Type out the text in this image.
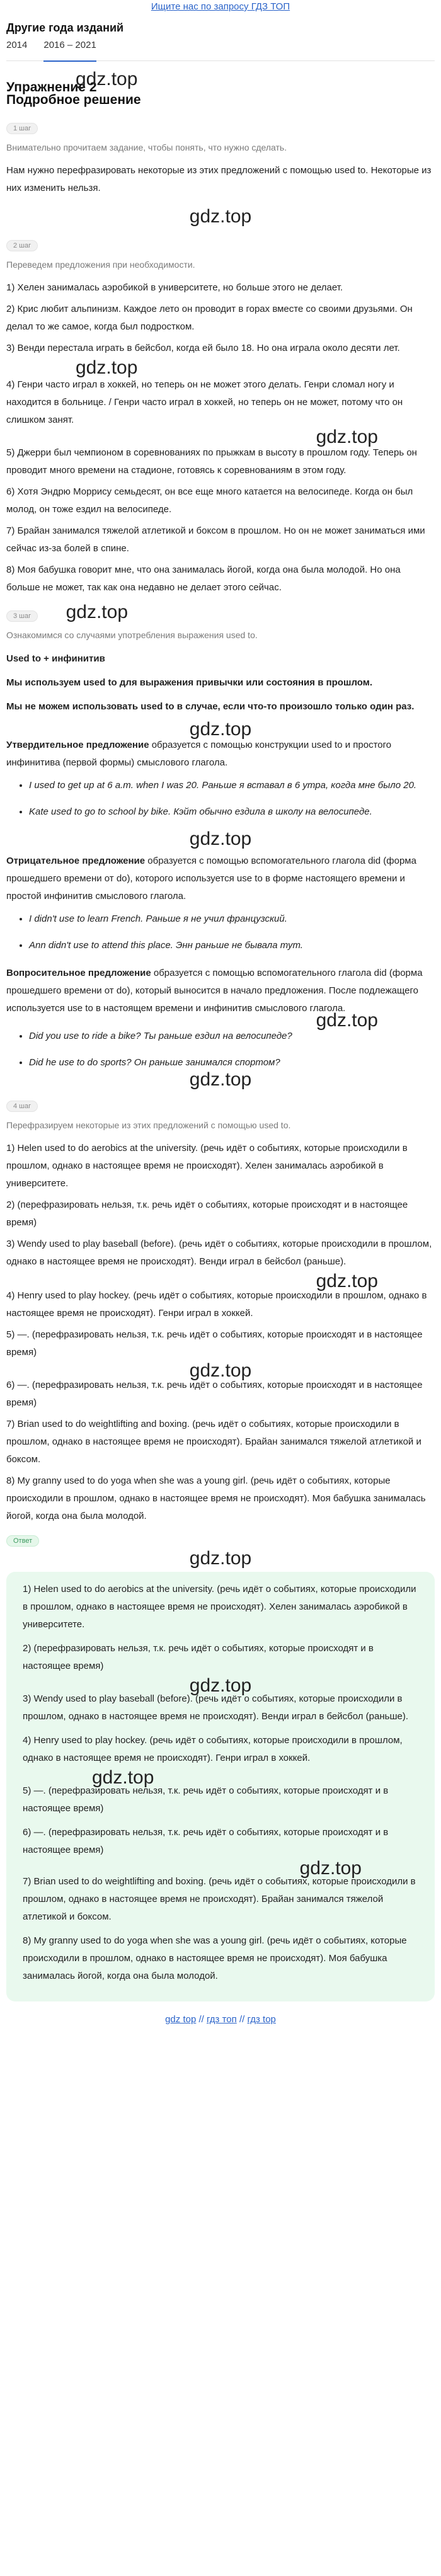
Ищите нас по запросу ГДЗ ТОП
Другие года изданий
2014 2016 – 2021
Упражнение 2
gdz.top
Подробное решение
1 шаг
Внимательно прочитаем задание, чтобы понять, что нужно сделать.

Нам нужно перефразировать некоторые из этих предложений с помощью used to. Некоторые из них изменить нельзя.

gdz.top
2 шаг
Переведем предложения при необходимости.

1) Хелен занималась аэробикой в университете, но больше этого не делает.

2) Крис любит альпинизм. Каждое лето он проводит в горах вместе со своими друзьями. Он делал то же самое, когда был подростком.

3) Венди перестала играть в бейсбол, когда ей было 18. Но она играла около десяти лет.

gdz.top

4) Генри часто играл в хоккей, но теперь он не может этого делать. Генри сломал ногу и находится в больнице. / Генри часто играл в хоккей, но теперь он не может, потому что он слишком занят.

gdz.top

5) Джерри был чемпионом в соревнованиях по прыжкам в высоту в прошлом году. Теперь он проводит много времени на стадионе, готовясь к соревнованиям в этом году.

6) Хотя Эндрю Моррису семьдесят, он все еще много катается на велосипеде. Когда он был молод, он тоже ездил на велосипеде.

7) Брайан занимался тяжелой атлетикой и боксом в прошлом. Но он не может заниматься ими сейчас из-за болей в спине.

8) Моя бабушка говорит мне, что она занималась йогой, когда она была молодой. Но она больше не может, так как она недавно не делает этого сейчас.

3 шаг gdz.top
Ознакомимся со случаями употребления выражения used to.
Used to + инфинитив
Мы используем used to для выражения привычки или состояния в прошлом.
Мы не можем использовать used to в случае, если что-то произошло только один раз.
gdz.top

Утвердительное предложение образуется с помощью конструкции used to и простого инфинитива (первой формы) смыслового глагола.

• I used to get up at 6 a.m. when I was 20. Раньше я вставал в 6 утра, когда мне было 20.
• Kate used to go to school by bike. Кэйт обычно ездила в школу на велосипеде.
gdz.top

Отрицательное предложение образуется с помощью вспомогательного глагола did (форма прошедшего времени от do), которого используется use to в форме настоящего времени и простой инфинитив смыслового глагола.

• I didn't use to learn French. Раньше я не учил французский.
• Ann didn't use to attend this place. Энн раньше не бывала тут.

Вопросительное предложение образуется с помощью вспомогательного глагола did (форма прошедшего времени от do), который выносится в начало предложения. После подлежащего используется use to в настоящем времени и инфинитив смыслового глагола.

gdz.top
• Did you use to ride a bike? Ты раньше ездил на велосипеде?
• Did he use to do sports? Он раньше занимался спортом?
gdz.top
4 шаг
Перефразируем некоторые из этих предложений с помощью used to.

1) Helen used to do aerobics at the university. (речь идёт о событиях, которые происходили в прошлом, однако в настоящее время не происходят). Хелен занималась аэробикой в университете.

2) (перефразировать нельзя, т.к. речь идёт о событиях, которые происходят и в настоящее время)

3) Wendy used to play baseball (before). (речь идёт о событиях, которые происходили в прошлом, однако в настоящее время не происходят). Венди играл в бейсбол (раньше).

gdz.top

4) Henry used to play hockey. (речь идёт о событиях, которые происходили в прошлом, однако в настоящее время не происходят). Генри играл в хоккей.

5) —. (перефразировать нельзя, т.к. речь идёт о событиях, которые происходят и в настоящее время)

gdz.top

6) —. (перефразировать нельзя, т.к. речь идёт о событиях, которые происходят и в настоящее время)

7) Brian used to do weightlifting and boxing. (речь идёт о событиях, которые происходили в прошлом, однако в настоящее время не происходят). Брайан занимался тяжелой атлетикой и боксом.

8) My granny used to do yoga when she was a young girl. (речь идёт о событиях, которые происходили в прошлом, однако в настоящее время не происходят). Моя бабушка занималась йогой, когда она была молодой.

Ответ
gdz.top

1) Helen used to do aerobics at the university. (речь идёт о событиях, которые происходили в прошлом, однако в настоящее время не происходят). Хелен занималась аэробикой в университете.

2) (перефразировать нельзя, т.к. речь идёт о событиях, которые происходят и в настоящее время)

gdz.top

3) Wendy used to play baseball (before). (речь идёт о событиях, которые происходили в прошлом, однако в настоящее время не происходят). Венди играл в бейсбол (раньше).

4) Henry used to play hockey. (речь идёт о событиях, которые происходили в прошлом, однако в настоящее время не происходят). Генри играл в хоккей.

gdz.top

5) —. (перефразировать нельзя, т.к. речь идёт о событиях, которые происходят и в настоящее время)

6) —. (перефразировать нельзя, т.к. речь идёт о событиях, которые происходят и в настоящее время)

gdz.top

7) Brian used to do weightlifting and boxing. (речь идёт о событиях, которые происходили в прошлом, однако в настоящее время не происходят). Брайан занимался тяжелой атлетикой и боксом.

8) My granny used to do yoga when she was a young girl. (речь идёт о событиях, которые происходили в прошлом, однако в настоящее время не происходят). Моя бабушка занималась йогой, когда она была молодой.

gdz top // гдз топ // гдз top
